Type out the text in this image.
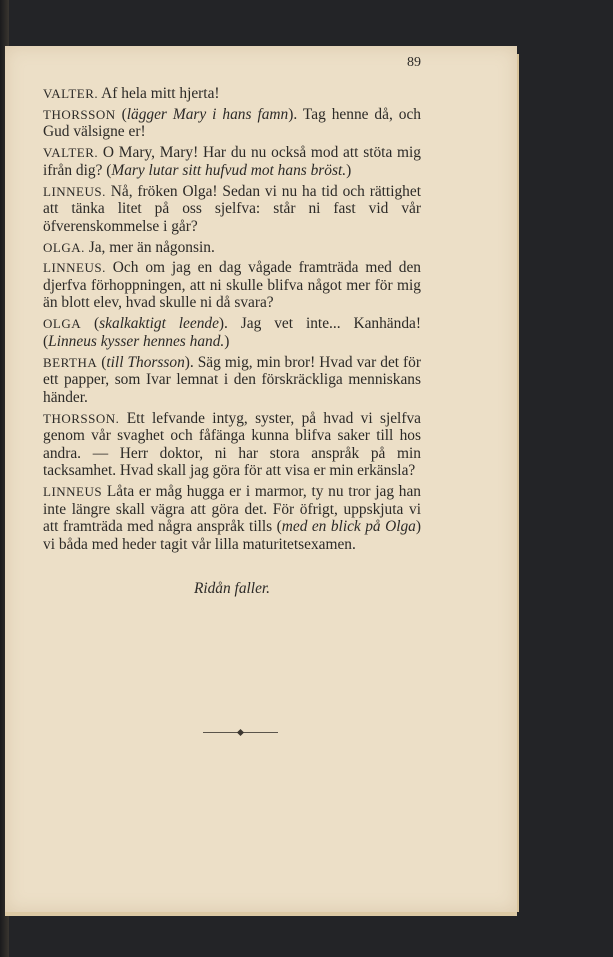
89
VALTER. Af hela mitt hjerta!
THORSSON (lägger Mary i hans famn). Tag henne då, och Gud välsigne er!
VALTER. O Mary, Mary! Har du nu också mod att stöta mig ifrån dig? (Mary lutar sitt hufvud mot hans bröst.)
LINNEUS. Nå, fröken Olga! Sedan vi nu ha tid och rättighet att tänka litet på oss sjelfva: står ni fast vid vår öfverenskommelse i går?
OLGA. Ja, mer än någonsin.
LINNEUS. Och om jag en dag vågade framträda med den djerfva förhoppningen, att ni skulle blifva något mer för mig än blott elev, hvad skulle ni då svara?
OLGA (skalkaktigt leende). Jag vet inte... Kanhända! (Linneus kysser hennes hand.)
BERTHA (till Thorsson). Säg mig, min bror! Hvad var det för ett papper, som Ivar lemnat i den förskräckliga menniskans händer.
THORSSON. Ett lefvande intyg, syster, på hvad vi sjelfva genom vår svaghet och fåfänga kunna blifva saker till hos andra. — Herr doktor, ni har stora anspråk på min tacksamhet. Hvad skall jag göra för att visa er min erkänsla?
LINNEUS Låta er måg hugga er i marmor, ty nu tror jag han inte längre skall vägra att göra det. För öfrigt, uppskjuta vi att framträda med några anspråk tills (med en blick på Olga) vi båda med heder tagit vår lilla maturitetsexamen.
Ridån faller.
